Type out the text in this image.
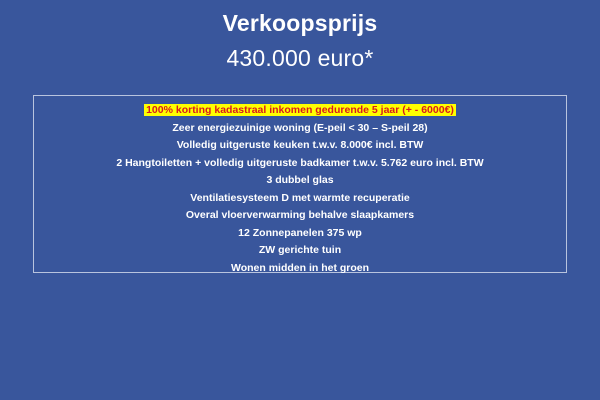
Verkoopsprijs
430.000 euro*
100% korting kadastraal inkomen gedurende 5 jaar (+ - 6000€)
Zeer energiezuinige woning (E-peil < 30 – S-peil 28)
Volledig uitgeruste keuken t.w.v. 8.000€ incl. BTW
2 Hangtoiletten + volledig uitgeruste badkamer t.w.v. 5.762 euro incl. BTW
3 dubbel glas
Ventilatiesysteem D met warmte recuperatie
Overal vloerverwarming behalve slaapkamers
12 Zonnepanelen 375 wp
ZW gerichte tuin
Wonen midden in het groen
